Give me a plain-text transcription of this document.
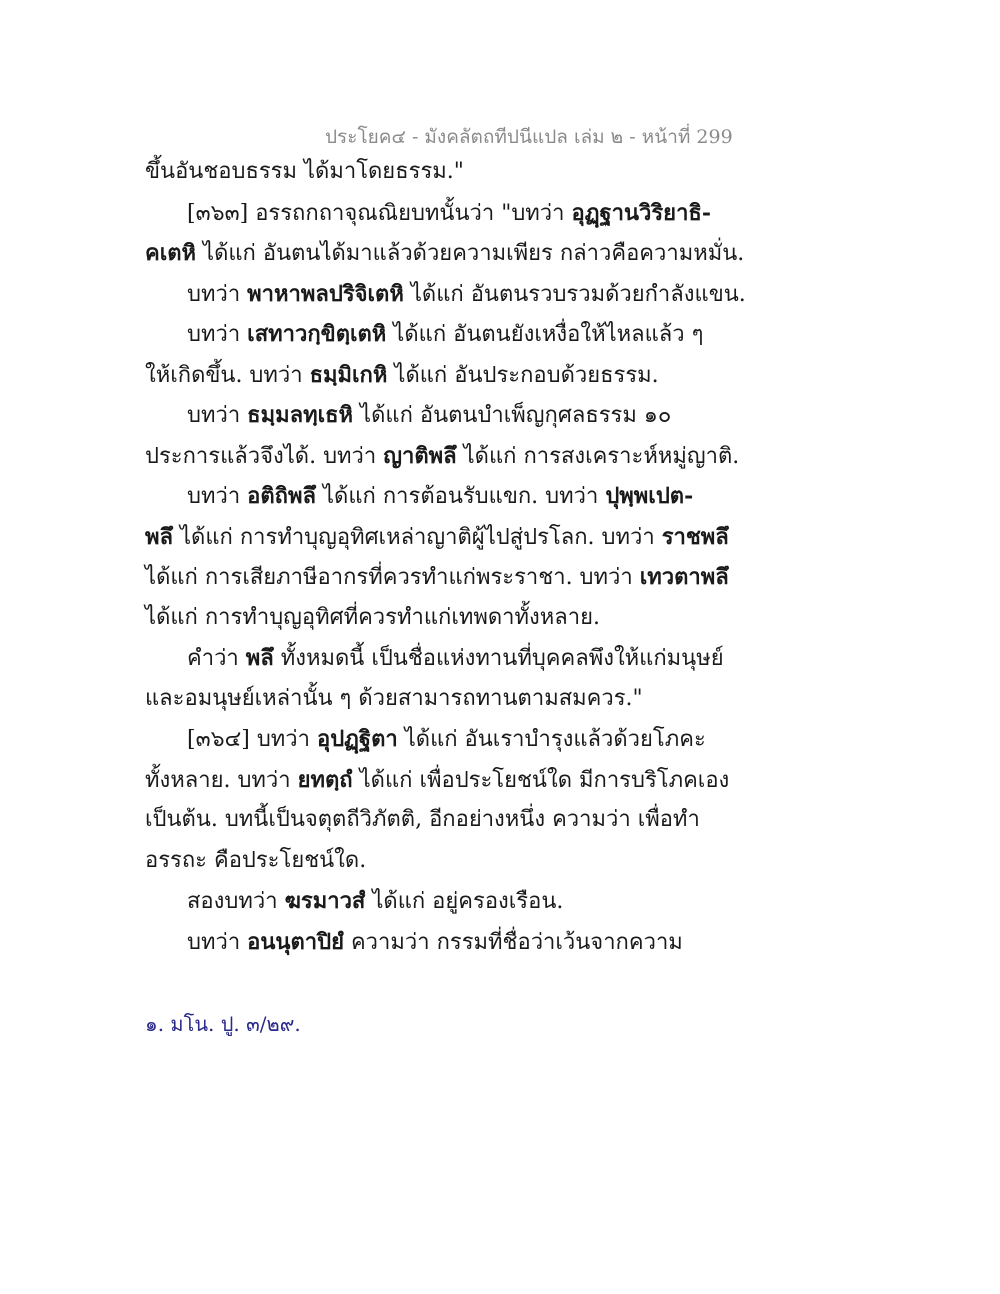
ประโยค๔ - มังคลัตถทีปนีแปล เล่ม ๒ - หน้าที่ 299
ขึ้นอันชอบธรรม ได้มาโดยธรรม."
[๓๖๓] อรรถกถาจุณณิยบทนั้นว่า "บทว่า อุฏฺฐานวิริยาธิ-
คเตหิ ได้แก่ อันตนได้มาแล้วด้วยความเพียร กล่าวคือความหมั่น.
บทว่า พาหาพลปริจิเตหิ ได้แก่ อันตนรวบรวมด้วยกำลังแขน.
บทว่า เสทาวกฺขิตฺเตหิ ได้แก่ อันตนยังเหงื่อให้ไหลแล้ว ๆ
ให้เกิดขึ้น. บทว่า ธมฺมิเกหิ ได้แก่ อันประกอบด้วยธรรม.
บทว่า ธมฺมลทฺเธหิ ได้แก่ อันตนบำเพ็ญกุศลธรรม ๑๐
ประการแล้วจึงได้. บทว่า ญาติพลึ ได้แก่ การสงเคราะห์หมู่ญาติ.
บทว่า อติถิพลึ ได้แก่ การต้อนรับแขก. บทว่า ปุพฺพเปต-
พลึ ได้แก่ การทำบุญอุทิศเหล่าญาติผู้ไปสู่ปรโลก. บทว่า ราชพลึ
ได้แก่ การเสียภาษีอากรที่ควรทำแก่พระราชา. บทว่า เทวตาพลึ
ได้แก่ การทำบุญอุทิศที่ควรทำแก่เทพดาทั้งหลาย.
คำว่า พลึ ทั้งหมดนี้ เป็นชื่อแห่งทานที่บุคคลพึงให้แก่มนุษย์
และอมนุษย์เหล่านั้น ๆ ด้วยสามารถทานตามสมควร."
[๓๖๔] บทว่า อุปฏฺฐิตา ได้แก่ อันเราบำรุงแล้วด้วยโภคะ
ทั้งหลาย. บทว่า ยทตฺถํ ได้แก่ เพื่อประโยชน์ใด มีการบริโภคเอง
เป็นต้น. บทนี้เป็นจตุตถีวิภัตติ, อีกอย่างหนึ่ง ความว่า เพื่อทำ
อรรถะ คือประโยชน์ใด.
สองบทว่า ฆรมาวสํ ได้แก่ อยู่ครองเรือน.
บทว่า อนนุตาปิยํ ความว่า กรรมที่ชื่อว่าเว้นจากความ
๑. มโน. ปู. ๓/๒๙.
